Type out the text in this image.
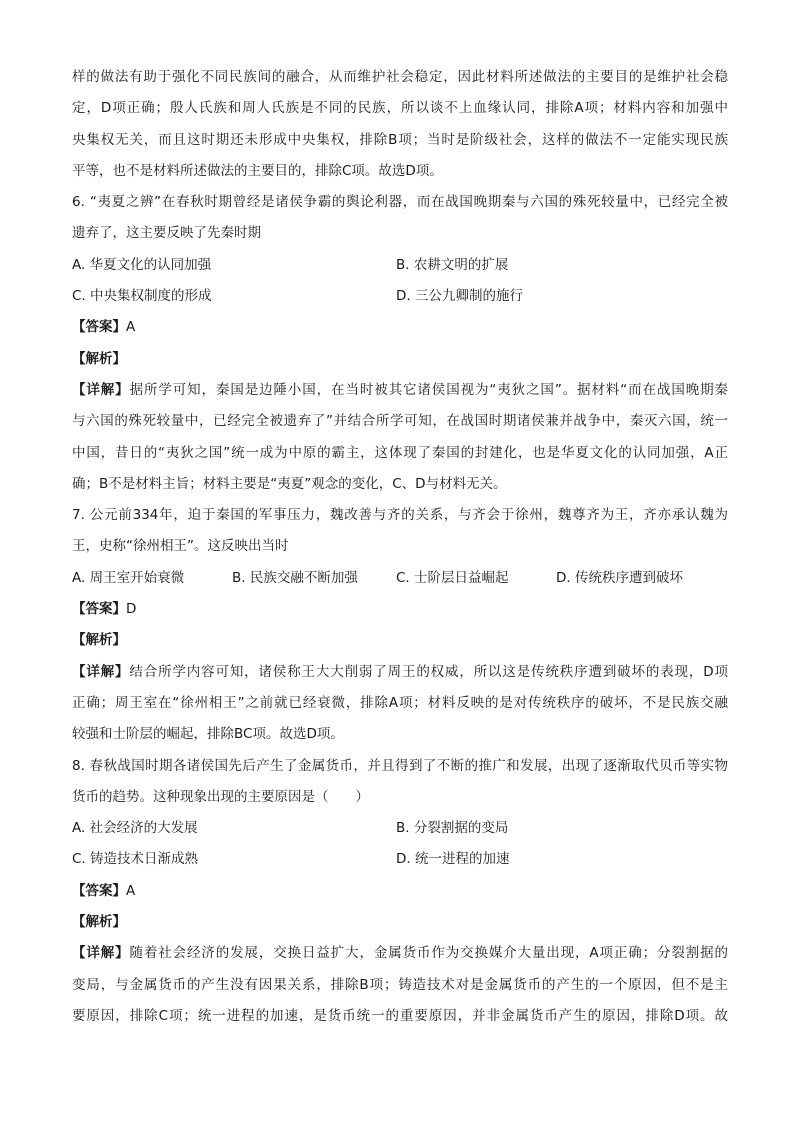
样的做法有助于强化不同民族间的融合，从而维护社会稳定，因此材料所述做法的主要目的是维护社会稳
定，D项正确；殷人氏族和周人氏族是不同的民族，所以谈不上血缘认同，排除A项；材料内容和加强中
央集权无关，而且这时期还未形成中央集权，排除B项；当时是阶级社会，这样的做法不一定能实现民族
平等，也不是材料所述做法的主要目的，排除C项。故选D项。
6. “夷夏之辨”在春秋时期曾经是诸侯争霸的舆论利器，而在战国晚期秦与六国的殊死较量中，已经完全被
遗弃了，这主要反映了先秦时期
A. 华夏文化的认同加强	B. 农耕文明的扩展
C. 中央集权制度的形成	D. 三公九卿制的施行
【答案】A
【解析】
【详解】据所学可知，秦国是边陲小国，在当时被其它诸侯国视为“夷狄之国”。据材料“而在战国晚期秦
与六国的殊死较量中，已经完全被遗弃了”并结合所学可知，在战国时期诸侯兼并战争中，秦灭六国，统一
中国，昔日的“夷狄之国”统一成为中原的霸主，这体现了秦国的封建化，也是华夏文化的认同加强，A正
确；B不是材料主旨；材料主要是“夷夏”观念的变化，C、D与材料无关。
7. 公元前334年，迫于秦国的军事压力，魏改善与齐的关系，与齐会于徐州，魏尊齐为王，齐亦承认魏为
王，史称“徐州相王”。这反映出当时
A. 周王室开始衰微	B. 民族交融不断加强	C. 士阶层日益崛起	D. 传统秩序遭到破坏
【答案】D
【解析】
【详解】结合所学内容可知，诸侯称王大大削弱了周王的权威，所以这是传统秩序遭到破坏的表现，D项
正确；周王室在“徐州相王”之前就已经衰微，排除A项；材料反映的是对传统秩序的破坏，不是民族交融
较强和士阶层的崛起，排除BC项。故选D项。
8. 春秋战国时期各诸侯国先后产生了金属货币，并且得到了不断的推广和发展，出现了逐渐取代贝币等实物
货币的趋势。这种现象出现的主要原因是（　　）
A. 社会经济的大发展	B. 分裂割据的变局
C. 铸造技术日渐成熟	D. 统一进程的加速
【答案】A
【解析】
【详解】随着社会经济的发展，交换日益扩大，金属货币作为交换媒介大量出现，A项正确；分裂割据的
变局，与金属货币的产生没有因果关系，排除B项；铸造技术对是金属货币的产生的一个原因，但不是主
要原因，排除C项；统一进程的加速，是货币统一的重要原因，并非金属货币产生的原因，排除D项。故
